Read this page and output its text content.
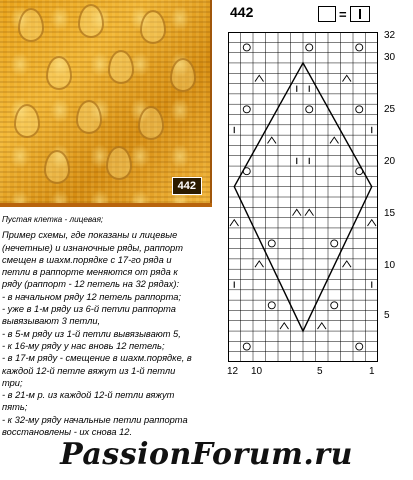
442
442	=
32
30
25
20
15
10
5
12 10	5	1

Пустая клетка - лицевая;

Пример схемы, где показаны и лицевые

(нечетные) и изнаночные ряды, раппорт

смещен в шахм.порядке с 17-го ряда и

петли в раппорте меняются от ряда к

ряду (раппорт - 12 петель на 32 рядах):

- в начальном ряду 12 петель раппорта;

- уже в 1-м ряду из 6-й петли раппорта

вывязывают 3 петли,

- в 5-м ряду из 1-й петли вывязывают 5,

- к 16-му ряду у нас вновь 12 петель;

- в 17-м ряду - смещение в шахм.порядке, в

каждой 12-й петле вяжут из 1-й петли

три;

- в 21-м р. из каждой 12-й петли вяжут

пять;

- к 32-му ряду начальные петли раппорта

восстановлены - их снова 12.

PassionForum.ru
